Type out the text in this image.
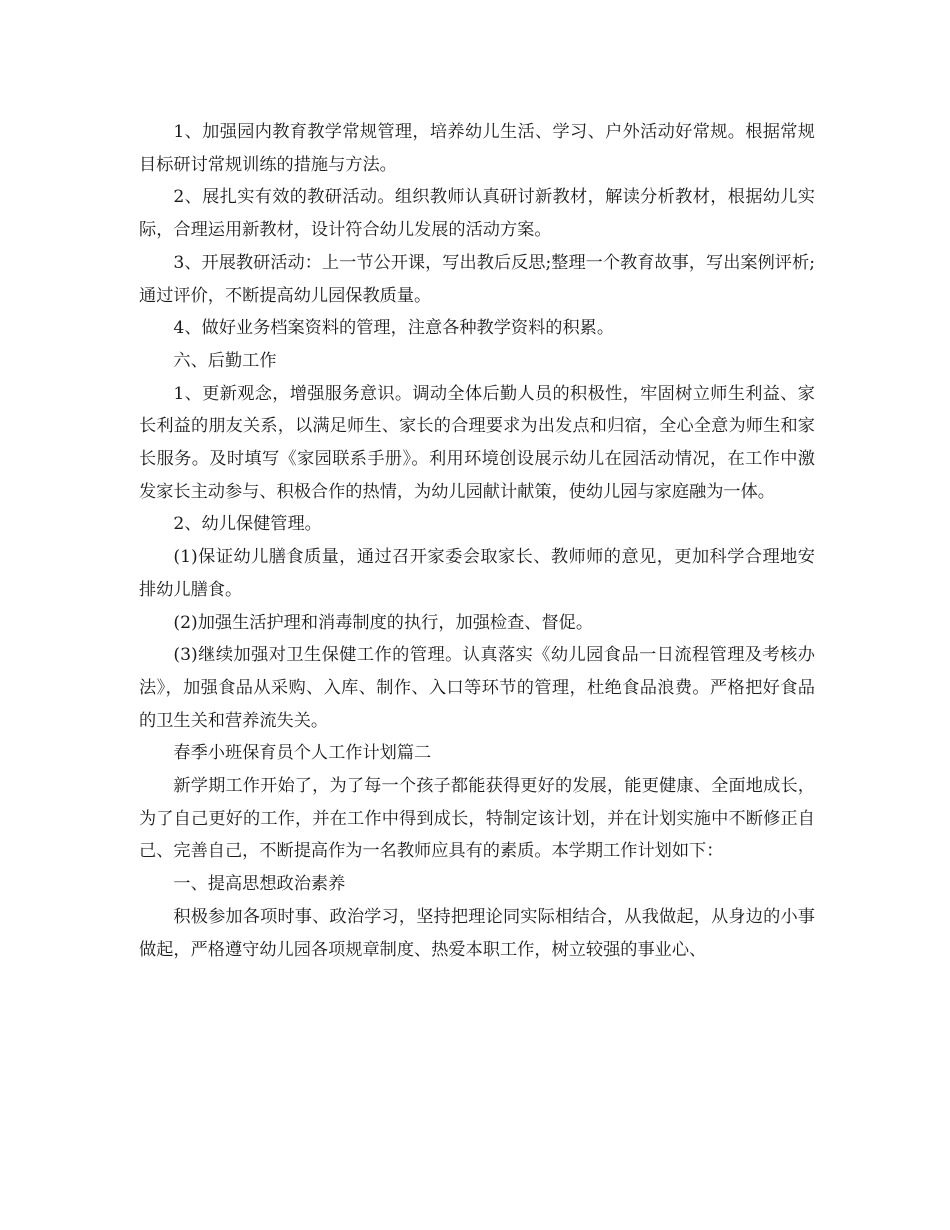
1、加强园内教育教学常规管理，培养幼儿生活、学习、户外活动好常规。根据常规目标研讨常规训练的措施与方法。

2、展扎实有效的教研活动。组织教师认真研讨新教材，解读分析教材，根据幼儿实际，合理运用新教材，设计符合幼儿发展的活动方案。

3、开展教研活动：上一节公开课，写出教后反思;整理一个教育故事，写出案例评析;通过评价，不断提高幼儿园保教质量。

4、做好业务档案资料的管理，注意各种教学资料的积累。

六、后勤工作

1、更新观念，增强服务意识。调动全体后勤人员的积极性，牢固树立师生利益、家长利益的朋友关系，以满足师生、家长的合理要求为出发点和归宿，全心全意为师生和家长服务。及时填写《家园联系手册》。利用环境创设展示幼儿在园活动情况，在工作中激发家长主动参与、积极合作的热情，为幼儿园献计献策，使幼儿园与家庭融为一体。

2、幼儿保健管理。

(1)保证幼儿膳食质量，通过召开家委会取家长、教师师的意见，更加科学合理地安排幼儿膳食。

(2)加强生活护理和消毒制度的执行，加强检查、督促。

(3)继续加强对卫生保健工作的管理。认真落实《幼儿园食品一日流程管理及考核办法》，加强食品从采购、入库、制作、入口等环节的管理，杜绝食品浪费。严格把好食品的卫生关和营养流失关。

春季小班保育员个人工作计划篇二

新学期工作开始了，为了每一个孩子都能获得更好的发展，能更健康、全面地成长，为了自己更好的工作，并在工作中得到成长，特制定该计划，并在计划实施中不断修正自己、完善自己，不断提高作为一名教师应具有的素质。本学期工作计划如下：

一、提高思想政治素养

积极参加各项时事、政治学习，坚持把理论同实际相结合，从我做起，从身边的小事做起，严格遵守幼儿园各项规章制度、热爱本职工作，树立较强的事业心、
